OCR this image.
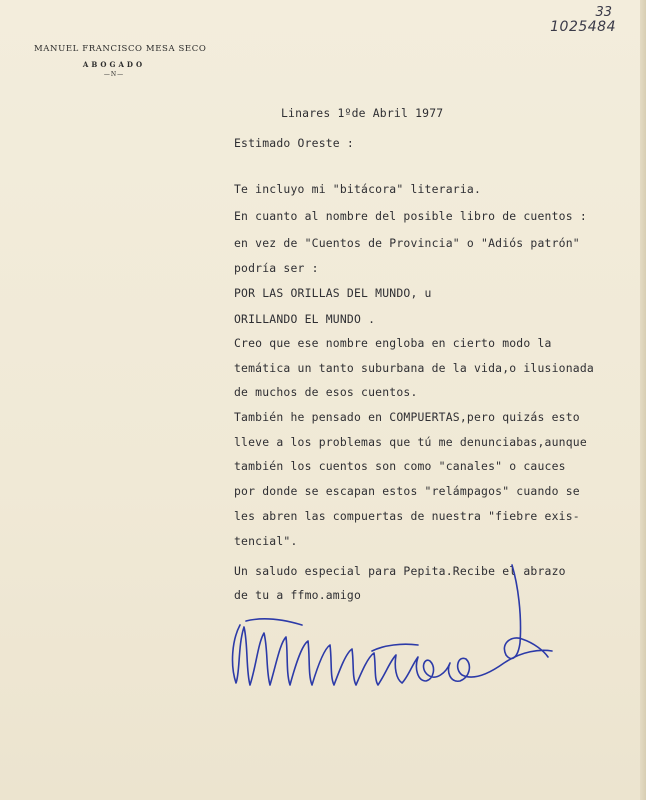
33
1025484
MANUEL FRANCISCO MESA SECO
ABOGADO
—N—
Linares 1ºde Abril 1977
Estimado Oreste :
Te incluyo mi "bitácora" literaria.
En cuanto al nombre del posible libro de cuentos :
en vez de "Cuentos de Provincia" o "Adiós patrón"
podría ser :
POR LAS ORILLAS DEL MUNDO, u
ORILLANDO EL MUNDO .
Creo que ese nombre engloba en cierto modo la
temática un tanto suburbana de la vida,o ilusionada
de muchos de esos cuentos.
También he pensado en COMPUERTAS,pero quizás esto
lleve a los problemas que tú me denunciabas,aunque
también los cuentos son como "canales" o cauces
por donde se escapan estos "relámpagos" cuando se
les abren las compuertas de nuestra "fiebre exis-
tencial".
Un saludo especial para Pepita.Recibe el abrazo
de tu a ffmo.amigo
